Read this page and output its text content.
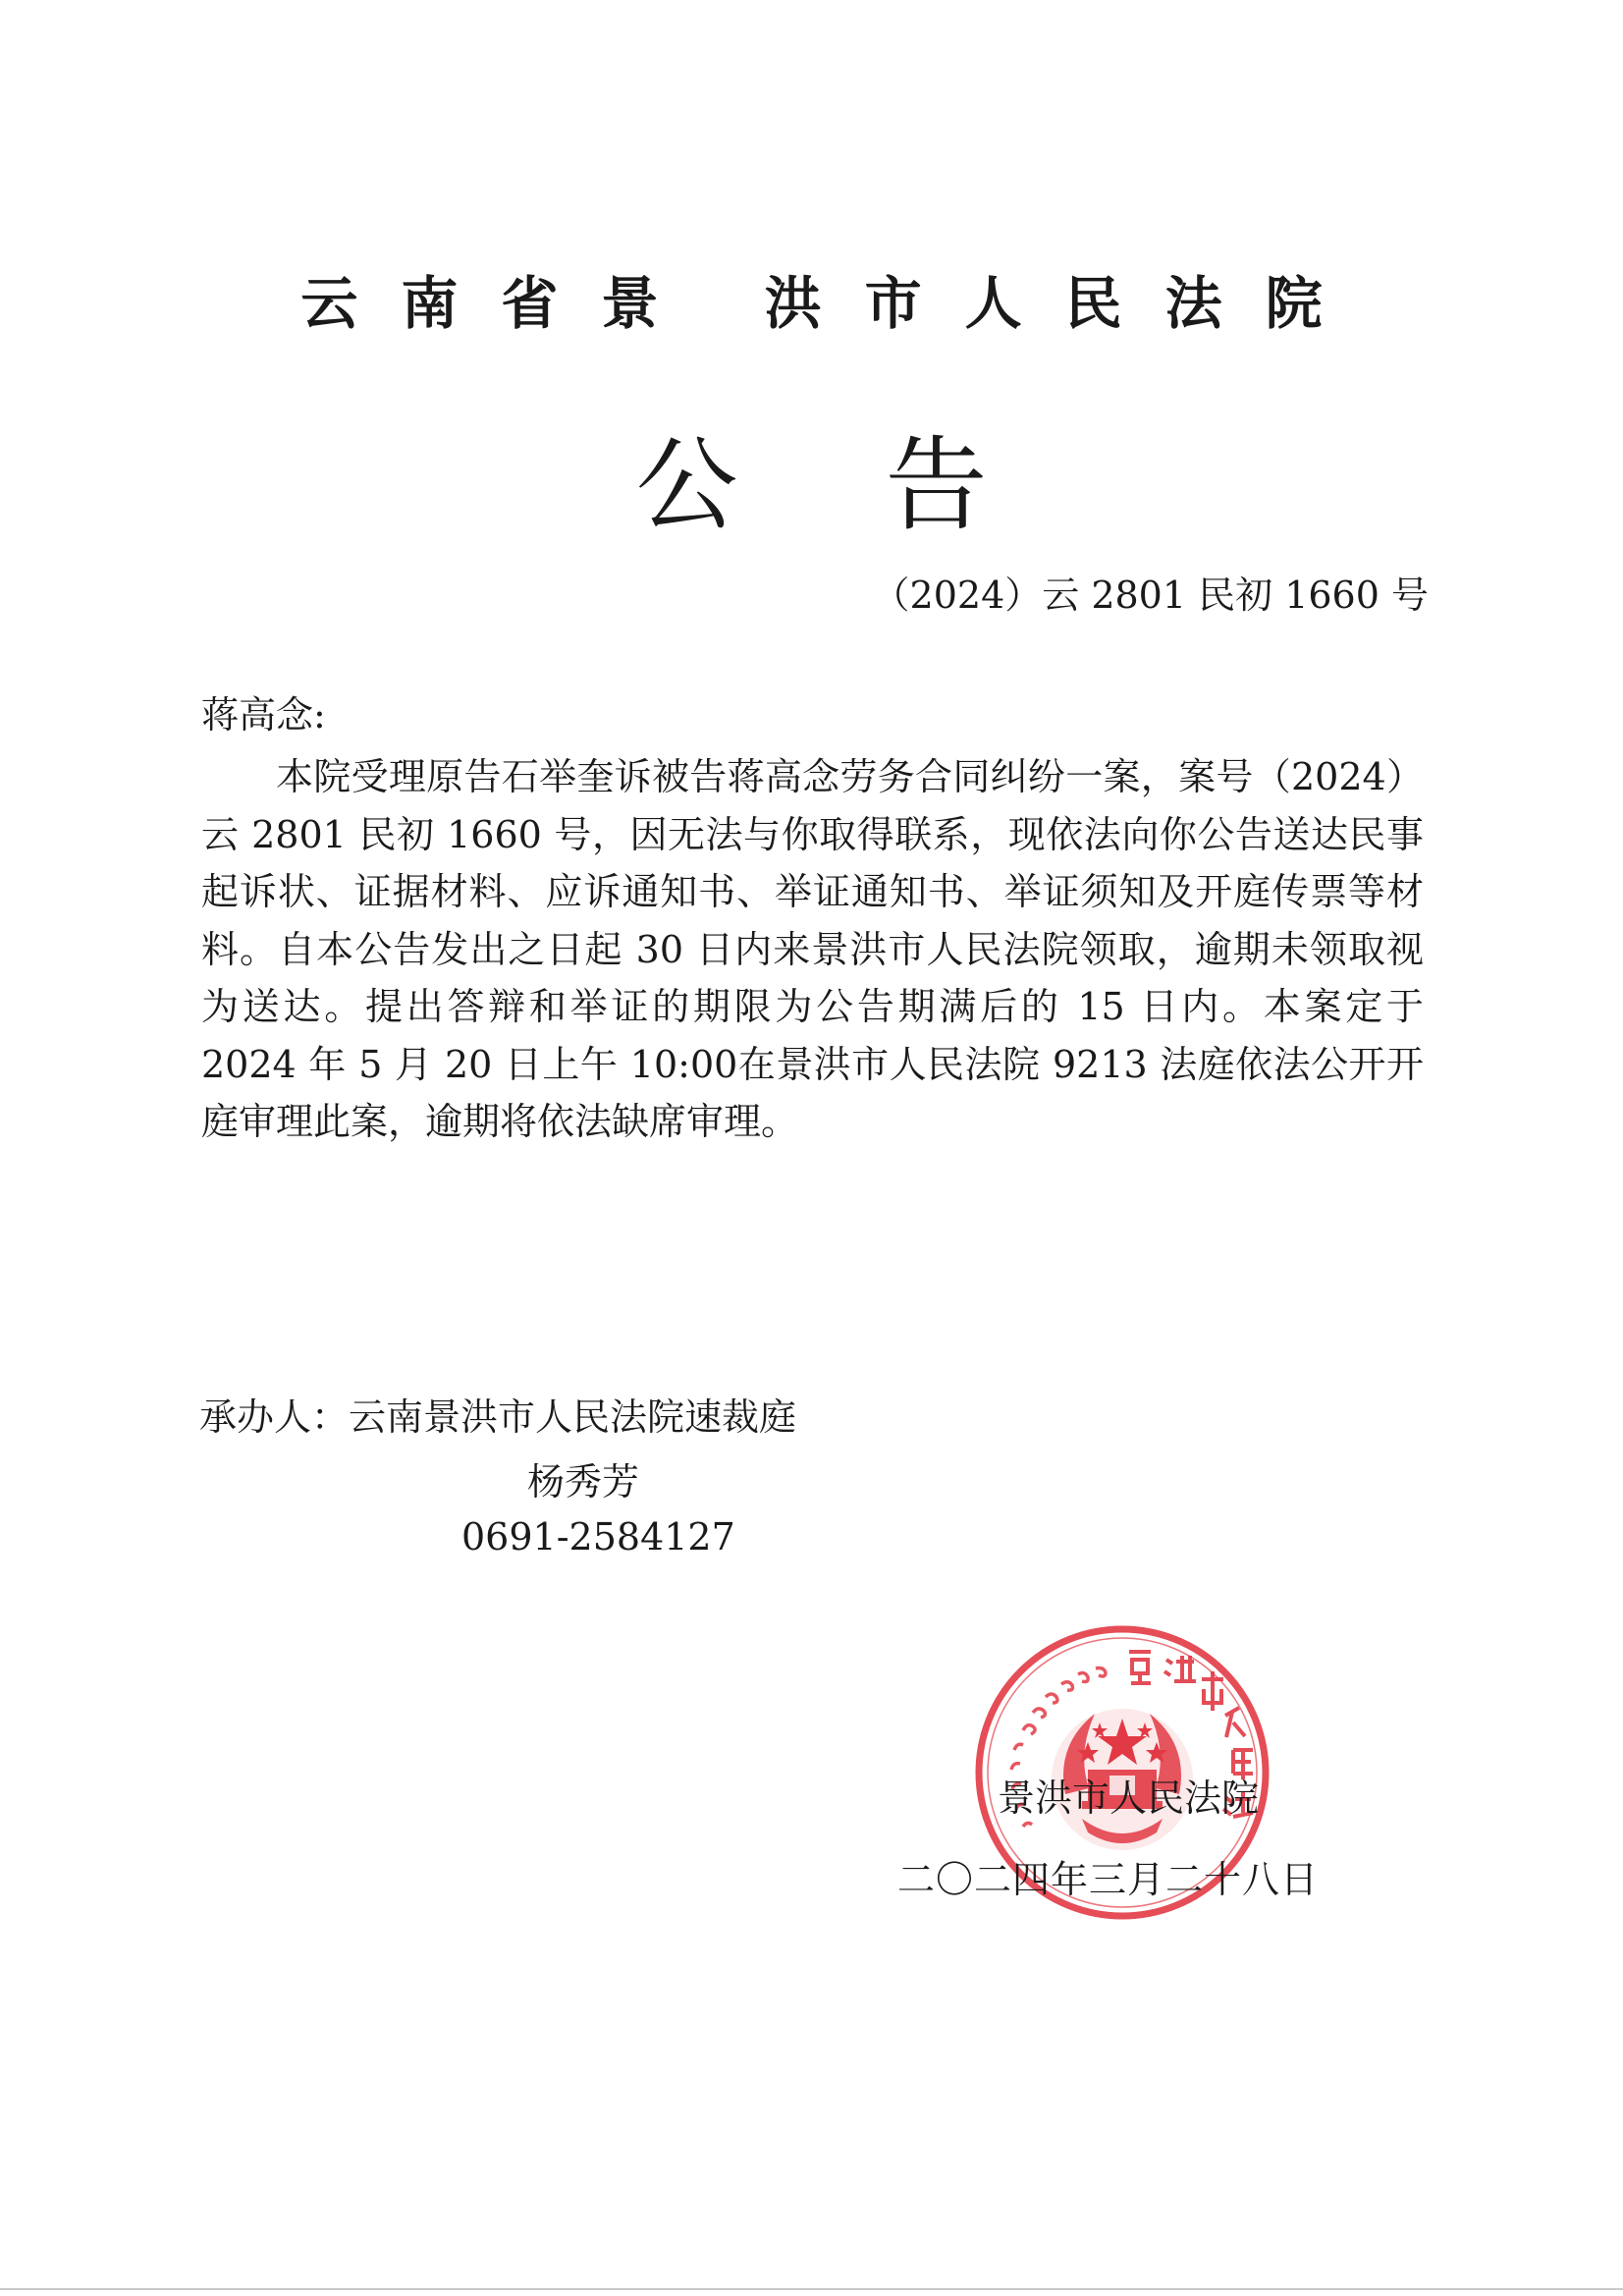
云南省景 洪市人民法院
公告
（2024）云 2801 民初 1660 号
蒋高念:
本院受理原告石举奎诉被告蒋高念劳务合同纠纷一案，案号（2024）云 2801 民初 1660 号，因无法与你取得联系，现依法向你公告送达民事起诉状、证据材料、应诉通知书、举证通知书、举证须知及开庭传票等材料。自本公告发出之日起 30 日内来景洪市人民法院领取，逾期未领取视为送达。提出答辩和举证的期限为公告期满后的 15 日内。本案定于 2024 年 5 月 20 日上午 10:00在景洪市人民法院 9213 法庭依法公开开庭审理此案，逾期将依法缺席审理。
承办人：云南景洪市人民法院速裁庭
杨秀芳
0691-2584127
景洪市人民法院
二〇二四年三月二十八日
